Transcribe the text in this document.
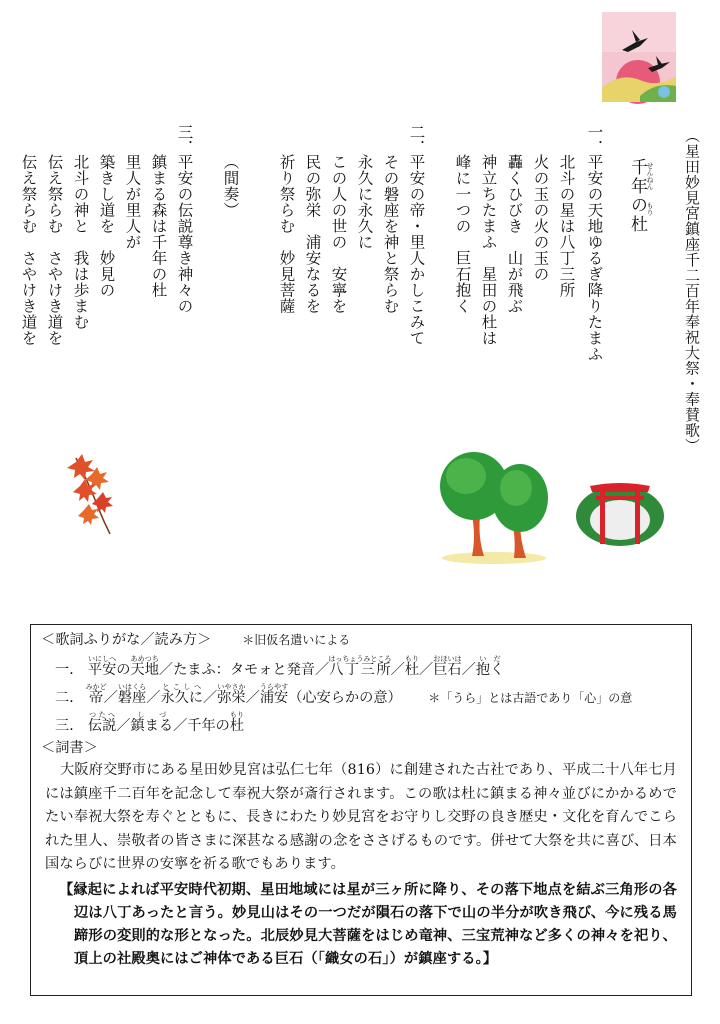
（星田妙見宮鎮座千二百年奉祝大祭・奉賛歌）
千年の杜 せんねん
もり
一．
平安の天地ゆるぎ降りたまふ
北斗の星は八丁三所
火の玉の火の玉の
轟くひびき　山が飛ぶ
神立ちたまふ　星田の杜は
峰に一つの　巨石抱く
二．
平安の帝・里人かしこみて
その磐座を神と祭らむ
永久に永久に
この人の世の　安寧を
民の弥栄　浦安なるを
祈り祭らむ　妙見菩薩
（間奏）
三．
平安の伝説尊き神々の
鎮まる森は千年の杜
里人が里人が
築きし道を　妙見の
北斗の神と　我は歩まむ
伝え祭らむ　さやけき道を
伝え祭らむ　さやけき道を
＜歌詞ふりがな／読み方＞	＊旧仮名遣いによる
一． 平安いにしへの天地あめつち／たまふ：タモォと発音／八丁三所はっちょうみところ／杜もり／巨石おほいは／抱くいだ
二． 帝みかど／磐座いはくら／永久にとこしへ／弥栄いやさか／浦安うらやす（心安らかの意） ＊「うら」とは古語であり「心」の意
三． 伝説つたへ／鎮まるしづ／千年の杜もり
＜詞書＞
大阪府交野市にある星田妙見宮は弘仁七年（816）に創建された古社であり、平成二十八年七月には鎮座千二百年を記念して奉祝大祭が斎行されます。この歌は杜に鎮まる神々並びにかかるめでたい奉祝大祭を寿ぐとともに、長きにわたり妙見宮をお守りし交野の良き歴史・文化を育んでこられた里人、崇敬者の皆さまに深甚なる感謝の念をささげるものです。併せて大祭を共に喜び、日本国ならびに世界の安寧を祈る歌でもあります。
【縁起によれば平安時代初期、星田地域には星が三ヶ所に降り、その落下地点を結ぶ三角形の各辺は八丁あったと言う。妙見山はその一つだが隕石の落下で山の半分が吹き飛び、今に残る馬蹄形の変則的な形となった。北辰妙見大菩薩をはじめ竜神、三宝荒神など多くの神々を祀り、頂上の社殿奥にはご神体である巨石（「織女の石」）が鎮座する。】
